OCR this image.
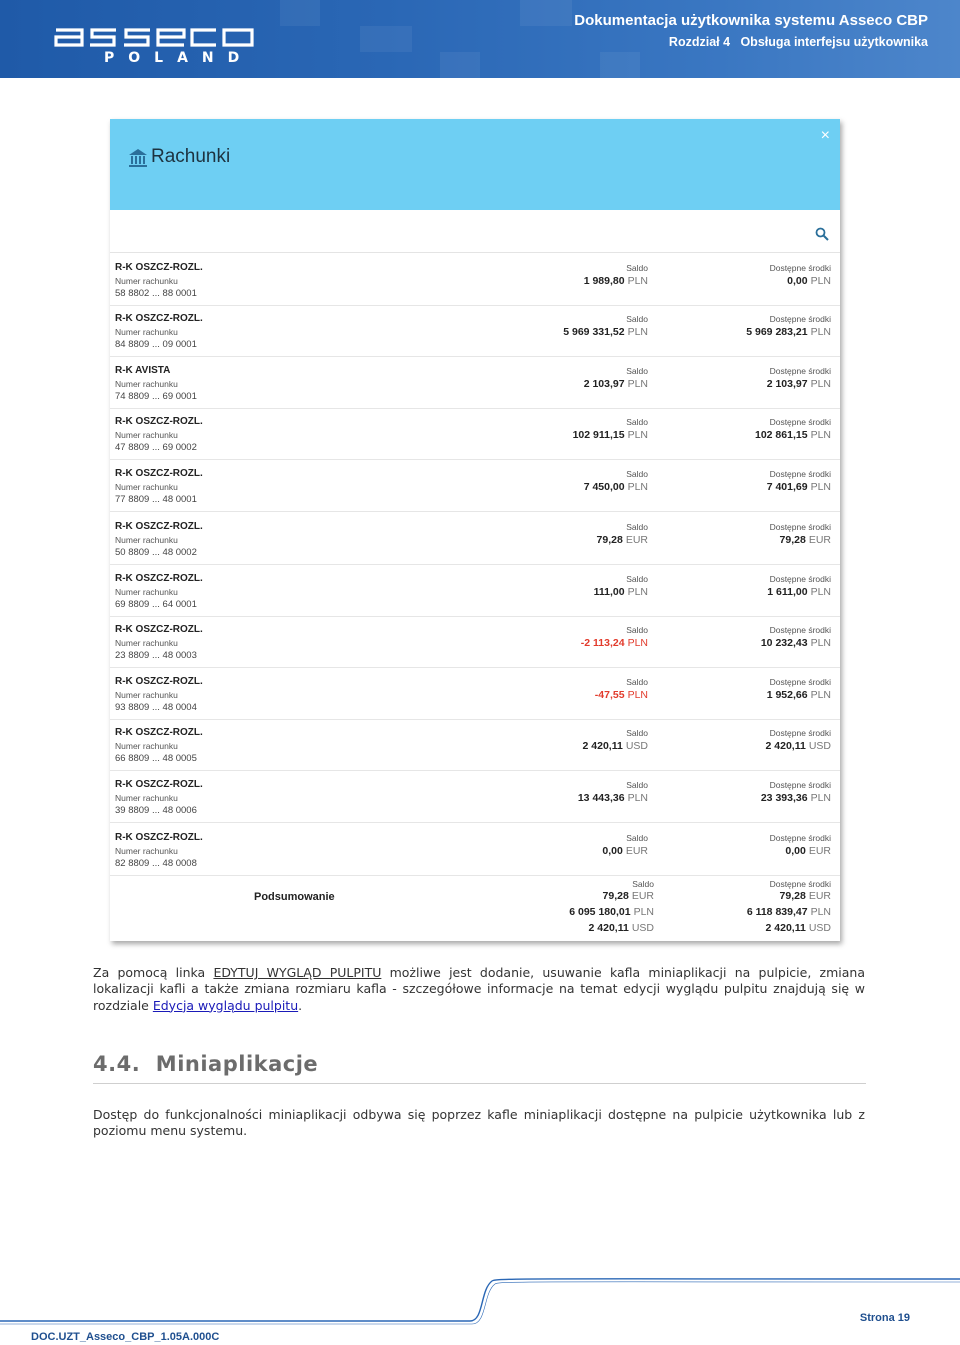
POLAND
Dokumentacja użytkownika systemu Asseco CBP
Rozdział 4   Obsługa interfejsu użytkownika
Rachunki
×
R-K OSZCZ-ROZL.
Numer rachunku
58 8802 ... 88 0001
Saldo
1 989,80 PLN
Dostępne środki
0,00 PLN
R-K OSZCZ-ROZL.
Numer rachunku
84 8809 ... 09 0001
Saldo
5 969 331,52 PLN
Dostępne środki
5 969 283,21 PLN
R-K AVISTA
Numer rachunku
74 8809 ... 69 0001
Saldo
2 103,97 PLN
Dostępne środki
2 103,97 PLN
R-K OSZCZ-ROZL.
Numer rachunku
47 8809 ... 69 0002
Saldo
102 911,15 PLN
Dostępne środki
102 861,15 PLN
R-K OSZCZ-ROZL.
Numer rachunku
77 8809 ... 48 0001
Saldo
7 450,00 PLN
Dostępne środki
7 401,69 PLN
R-K OSZCZ-ROZL.
Numer rachunku
50 8809 ... 48 0002
Saldo
79,28 EUR
Dostępne środki
79,28 EUR
R-K OSZCZ-ROZL.
Numer rachunku
69 8809 ... 64 0001
Saldo
111,00 PLN
Dostępne środki
1 611,00 PLN
R-K OSZCZ-ROZL.
Numer rachunku
23 8809 ... 48 0003
Saldo
-2 113,24 PLN
Dostępne środki
10 232,43 PLN
R-K OSZCZ-ROZL.
Numer rachunku
93 8809 ... 48 0004
Saldo
-47,55 PLN
Dostępne środki
1 952,66 PLN
R-K OSZCZ-ROZL.
Numer rachunku
66 8809 ... 48 0005
Saldo
2 420,11 USD
Dostępne środki
2 420,11 USD
R-K OSZCZ-ROZL.
Numer rachunku
39 8809 ... 48 0006
Saldo
13 443,36 PLN
Dostępne środki
23 393,36 PLN
R-K OSZCZ-ROZL.
Numer rachunku
82 8809 ... 48 0008
Saldo
0,00 EUR
Dostępne środki
0,00 EUR
Podsumowanie
Saldo	Dostępne środki
79,28 EUR
6 095 180,01 PLN
2 420,11 USD
79,28 EUR
6 118 839,47 PLN
2 420,11 USD
Za pomocą linka EDYTUJ WYGLĄD PULPITU możliwe jest dodanie, usuwanie kafla miniaplikacji na pulpicie, zmiana lokalizacji kafli a także zmiana rozmiaru kafla - szczegółowe informacje na temat edycji wyglądu pulpitu znajdują się w rozdziale Edycja wyglądu pulpitu.
4.4.  Miniaplikacje
Dostęp do funkcjonalności miniaplikacji odbywa się poprzez kafle miniaplikacji dostępne na pulpicie użytkownika lub z poziomu menu systemu.
Strona 19
DOC.UZT_Asseco_CBP_1.05A.000C
